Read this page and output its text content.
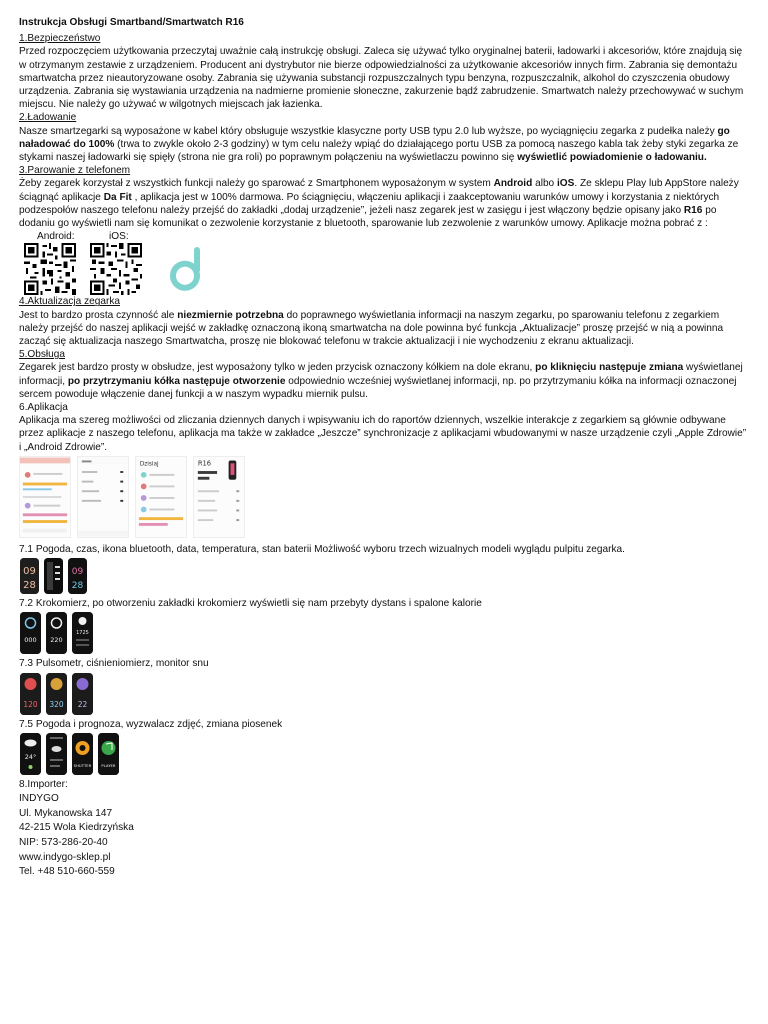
Instrukcja Obsługi Smartband/Smartwatch R16
1.Bezpieczeństwo

Przed rozpoczęciem użytkowania przeczytaj uważnie całą instrukcję obsługi. Zaleca się używać tylko oryginalnej baterii, ładowarki i akcesoriów, które znajdują się w otrzymanym zestawie z urządzeniem. Producent ani dystrybutor nie bierze odpowiedzialności za użytkowanie akcesoriów innych firm. Zabrania się demontażu smartwatcha przez nieautoryzowane osoby. Zabrania się używania substancji rozpuszczalnych typu benzyna, rozpuszczalnik, alkohol do czyszczenia obudowy urządzenia. Zabrania się wystawiania urządzenia na nadmierne promienie słoneczne, zakurzenie bądź zabrudzenie. Smartwatch należy przechowywać w suchym miejscu. Nie należy go używać w wilgotnych miejscach jak łazienka.

2.Ładowanie

Nasze smartzegarki są wyposażone w kabel który obsługuje wszystkie klasyczne porty USB typu 2.0 lub wyższe, po wyciągnięciu zegarka z pudełka należy go naładować do 100% (trwa to zwykle około 2-3 godziny) w tym celu należy wpiąć do działającego portu USB za pomocą naszego kabla tak żeby styki zegarka ze stykami naszej ładowarki się spięły (strona nie gra roli) po poprawnym połączeniu na wyświetlaczu powinno się wyświetlić powiadomienie o ładowaniu.

3.Parowanie z telefonem

Żeby zegarek korzystał z wszystkich funkcji należy go sparować z Smartphonem wyposażonym w system Android albo iOS. Ze sklepu Play lub AppStore należy ściągnąć aplikacje Da Fit , aplikacja jest w 100% darmowa. Po ściągnięciu, włączeniu aplikacji i zaakceptowaniu warunków umowy i korzystania z niektórych podzespołów naszego telefonu należy przejść do zakładki „dodaj urządzenie”, jeżeli nasz zegarek jest w zasięgu i jest włączony będzie opisany jako R16 po dodaniu go wyświetli nam się komunikat o zezwolenie korzystanie z bluetooth, sparowanie lub zezwolenie z warunków umowy. Aplikacje można pobrać z :

Android:	iOS:
4.Aktualizacja zegarka

Jest to bardzo prosta czynność ale niezmiernie potrzebna do poprawnego wyświetlania informacji na naszym zegarku, po sparowaniu telefonu z zegarkiem należy przejść do naszej aplikacji wejść w zakładkę oznaczoną ikoną smartwatcha na dole powinna być funkcja „Aktualizacje” proszę przejść w nią a powinna zacząć się aktualizacja naszego Smartwatcha, proszę nie blokować telefonu w trakcie aktualizacji i nie wychodzeniu z ekranu aktualizacji.

5.Obsługa

Zegarek jest bardzo prosty w obsłudze, jest wyposażony tylko w jeden przycisk oznaczony kółkiem na dole ekranu, po kliknięciu następuje zmiana wyświetlanej informacji, po przytrzymaniu kółka następuje otworzenie odpowiednio wcześniej wyświetlanej informacji, np. po przytrzymaniu kółka na informacji oznaczonej sercem powoduje włączenie danej funkcji a w naszym wypadku miernik pulsu.

6.Aplikacja

Aplikacja ma szereg możliwości od zliczania dziennych danych i wpisywaniu ich do raportów dziennych, wszelkie interakcje z zegarkiem są głównie odbywane przez aplikacje z naszego telefonu, aplikacja ma także w zakładce „Jeszcze” synchronizacje z aplikacjami wbudowanymi w nasze urządzenie czyli „Apple Zdrowie” i „Android Zdrowie”.

Dzisiaj	R16

7.1 Pogoda, czas, ikona bluetooth, data, temperatura, stan baterii Możliwość wyboru trzech wizualnych modeli wyglądu pulpitu zegarka.

09
28
09
28

7.2 Krokomierz, po otworzeniu zakładki krokomierz wyświetli się nam przebyty dystans i spalone kalorie

000 220
1725

7.3 Pulsometr, ciśnieniomierz, monitor snu

120 320 22

7.5 Pogoda i prognoza, wyzwalacz zdjęć, zmiana piosenek

24°
SHUTTER	PLAYER

8.Importer:

INDYGO

Ul. Mykanowska 147

42-215 Wola Kiedrzyńska

NIP: 573-286-20-40

www.indygo-sklep.pl

Tel. +48 510-660-559
